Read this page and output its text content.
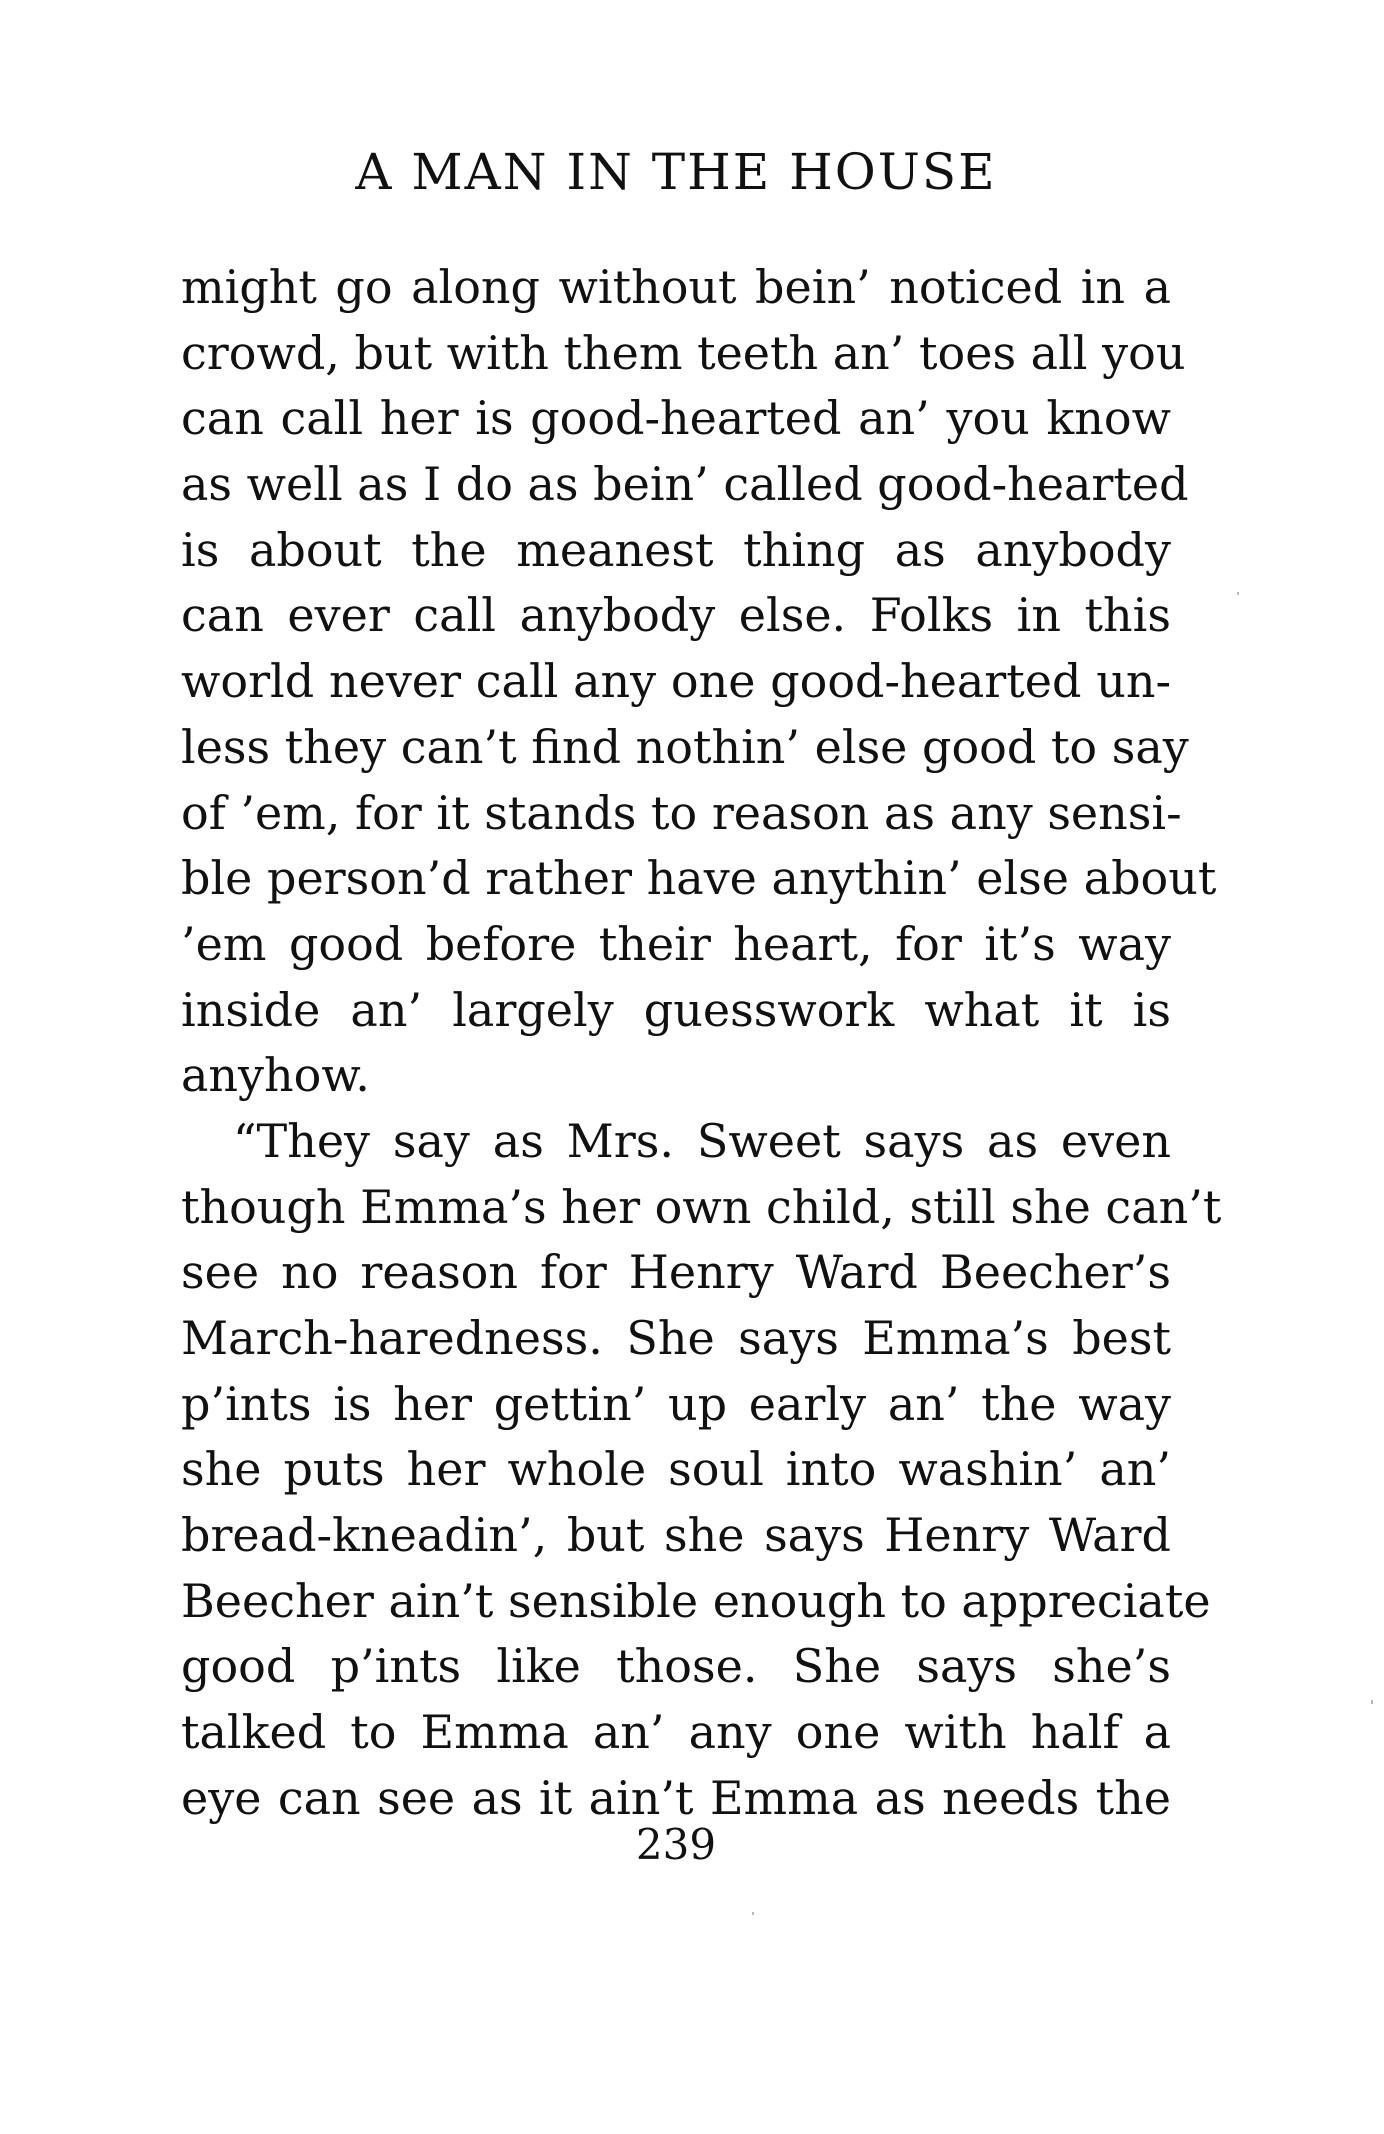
A MAN IN THE HOUSE
might go along without bein’ noticed in a
crowd, but with them teeth an’ toes all you
can call her is good-hearted an’ you know
as well as I do as bein’ called good-hearted
is about the meanest thing as anybody
can ever call anybody else. Folks in this
world never call any one good-hearted un-
less they can’t find nothin’ else good to say
of ’em, for it stands to reason as any sensi-
ble person’d rather have anythin’ else about
’em good before their heart, for it’s way
inside an’ largely guesswork what it is
anyhow.
“They say as Mrs. Sweet says as even
though Emma’s her own child, still she can’t
see no reason for Henry Ward Beecher’s
March-haredness. She says Emma’s best
p’ints is her gettin’ up early an’ the way
she puts her whole soul into washin’ an’
bread-kneadin’, but she says Henry Ward
Beecher ain’t sensible enough to appreciate
good p’ints like those. She says she’s
talked to Emma an’ any one with half a
eye can see as it ain’t Emma as needs the
239
